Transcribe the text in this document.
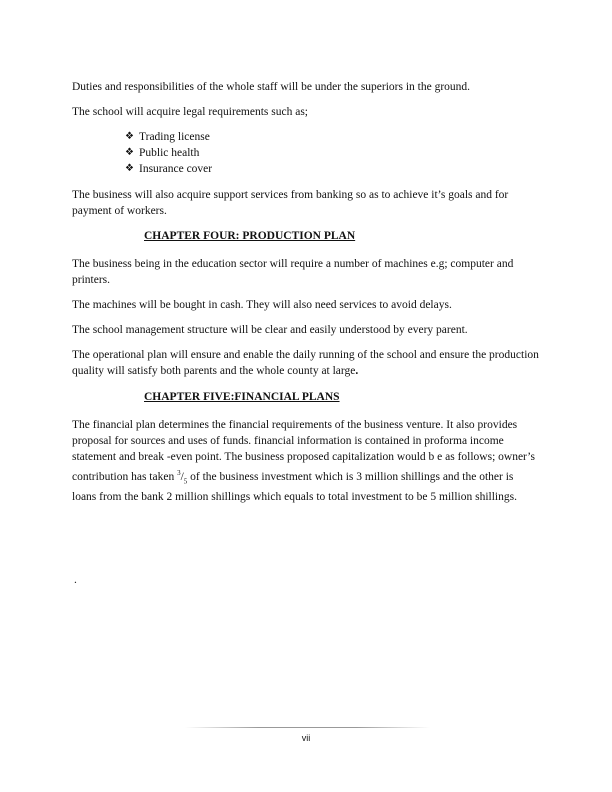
Duties and responsibilities of the whole staff will be under the superiors in the ground.

The school will acquire legal requirements such as;

❖ Trading license
❖ Public health
❖ Insurance cover

The business will also acquire support services from banking so as to achieve it’s goals and for payment of workers.

CHAPTER FOUR: PRODUCTION PLAN

The business being in the education sector will require a number of machines e.g; computer and printers.

The machines will be bought in cash. They will also need services to avoid delays.

The school management structure will be clear and easily understood by every parent.

The operational plan will ensure and enable the daily running of the school and ensure the production quality will satisfy both parents and the whole county at large.

CHAPTER FIVE:FINANCIAL PLANS

The financial plan determines the financial requirements of the business venture. It also provides proposal for sources and uses of funds. financial information is contained in proforma income statement and break -even point. The business proposed capitalization would b e as follows; owner’s contribution has taken $^3/_5$ of the business investment which is 3 million shillings and the other is loans from the bank 2 million shillings which equals to total investment to be 5 million shillings.

.
vii
